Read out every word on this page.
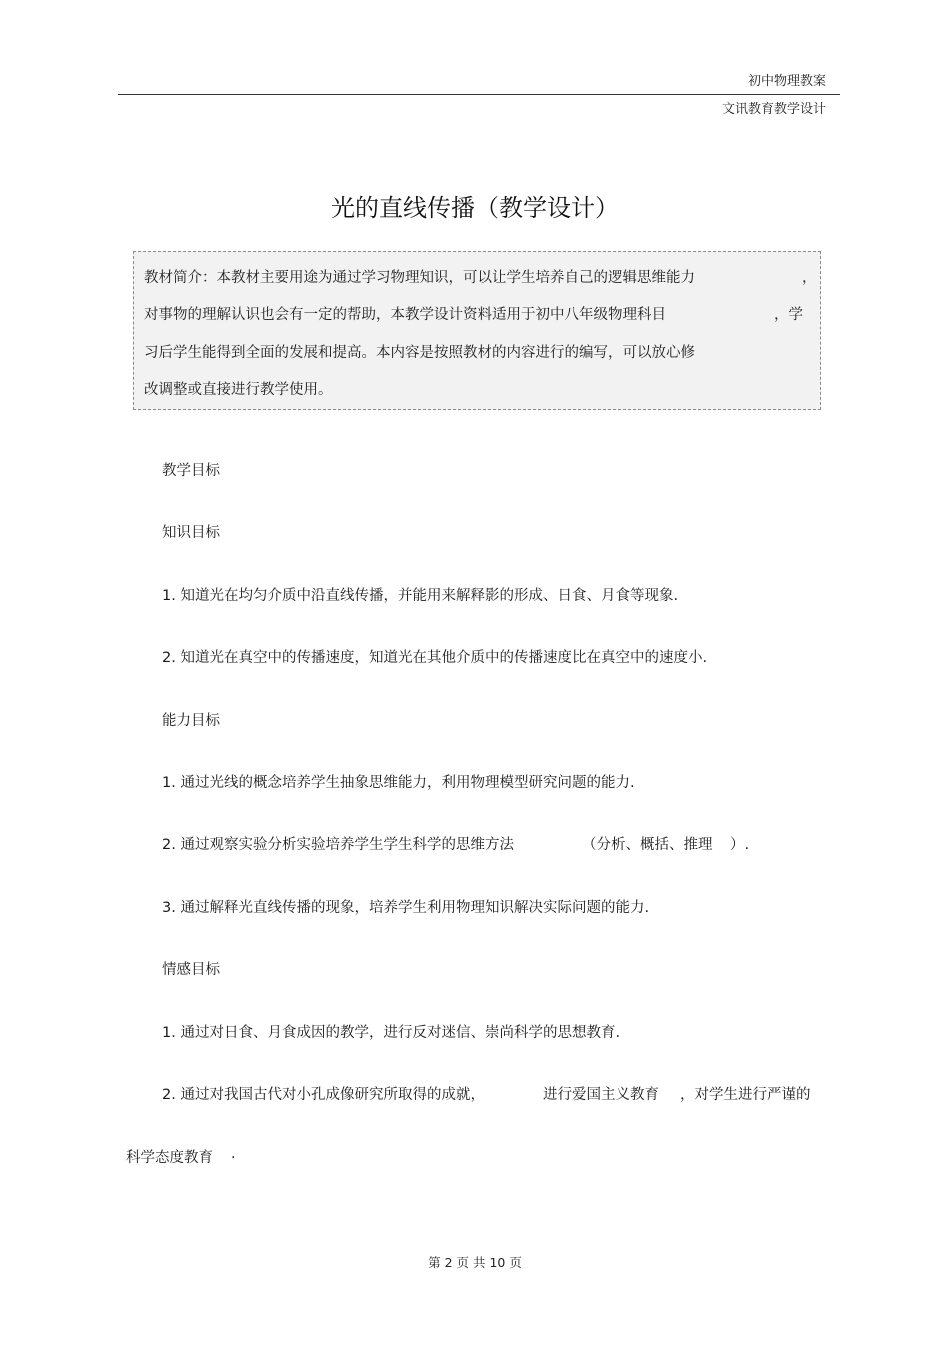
初中物理教案
文讯教育教学设计
光的直线传播（教学设计）
教材简介：本教材主要用途为通过学习物理知识，可以让学生培养自己的逻辑思维能力	，
对事物的理解认识也会有一定的帮助，本教学设计资料适用于初中八年级物理科目	，学
习后学生能得到全面的发展和提高。本内容是按照教材的内容进行的编写，可以放心修
改调整或直接进行教学使用。
教学目标
知识目标
1. 知道光在均匀介质中沿直线传播，并能用来解释影的形成、日食、月食等现象.
2. 知道光在真空中的传播速度，知道光在其他介质中的传播速度比在真空中的速度小.
能力目标
1. 通过光线的概念培养学生抽象思维能力，利用物理模型研究问题的能力.
2. 通过观察实验分析实验培养学生学生科学的思维方法	（分析、概括、推理 ）.
3. 通过解释光直线传播的现象，培养学生利用物理知识解决实际问题的能力.
情感目标
1. 通过对日食、月食成因的教学，进行反对迷信、崇尚科学的思想教育.
2. 通过对我国古代对小孔成像研究所取得的成就，	进行爱国主义教育 ，对学生进行严谨的
科学态度教育 .
第 2 页 共 10 页
